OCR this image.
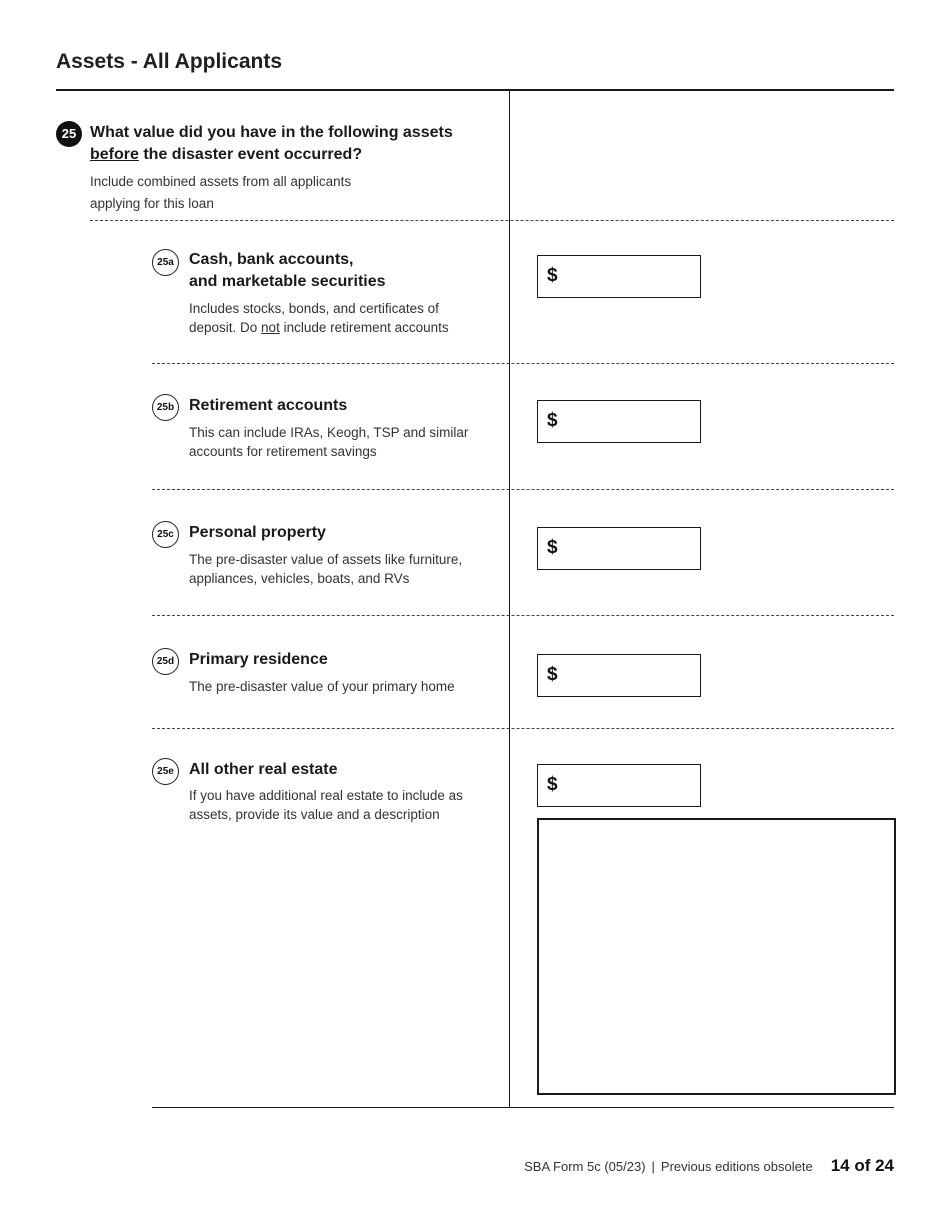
Assets - All Applicants
25 What value did you have in the following assets
before the disaster event occurred?
Include combined assets from all applicants applying for this loan
25a Cash, bank accounts,
and marketable securities
Includes stocks, bonds, and certificates of deposit. Do not include retirement accounts
$
25b Retirement accounts
This can include IRAs, Keogh, TSP and similar accounts for retirement savings
$
25c Personal property
The pre-disaster value of assets like furniture, appliances, vehicles, boats, and RVs
$
25d Primary residence
The pre-disaster value of your primary home
$
25e All other real estate
If you have additional real estate to include as assets, provide its value and a description
$
SBA Form 5c (05/23) | Previous editions obsolete 14 of 24
